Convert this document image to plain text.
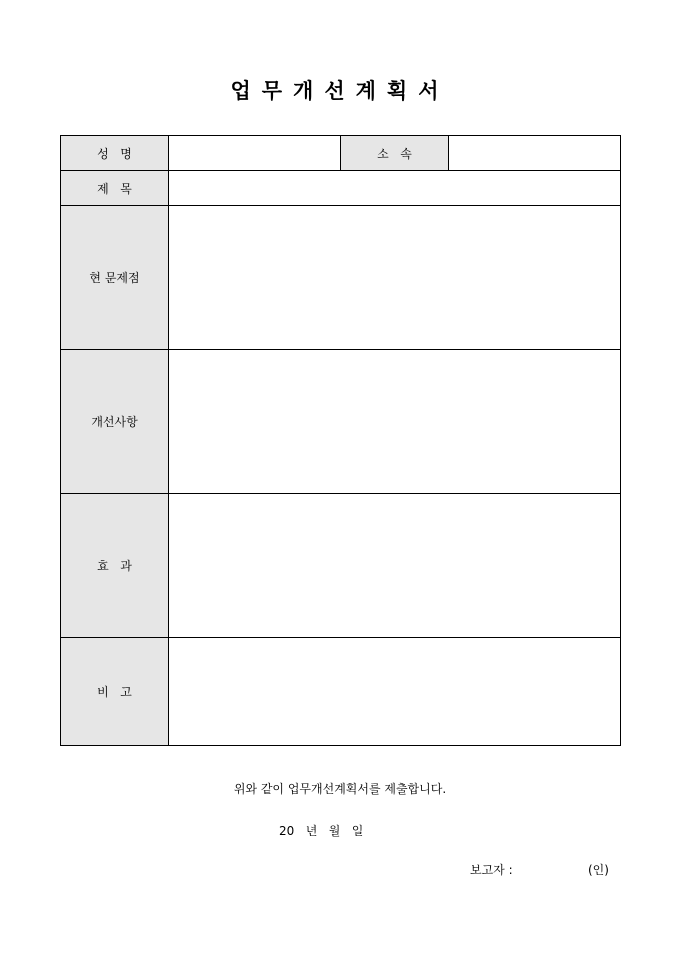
업무개선계획서
성   명		소   속	
제   목			
현 문제점			
개선사항			
효   과			
비   고			
위와 같이 업무개선계획서를 제출합니다.
20   년   월   일
보고자 :	(인)
